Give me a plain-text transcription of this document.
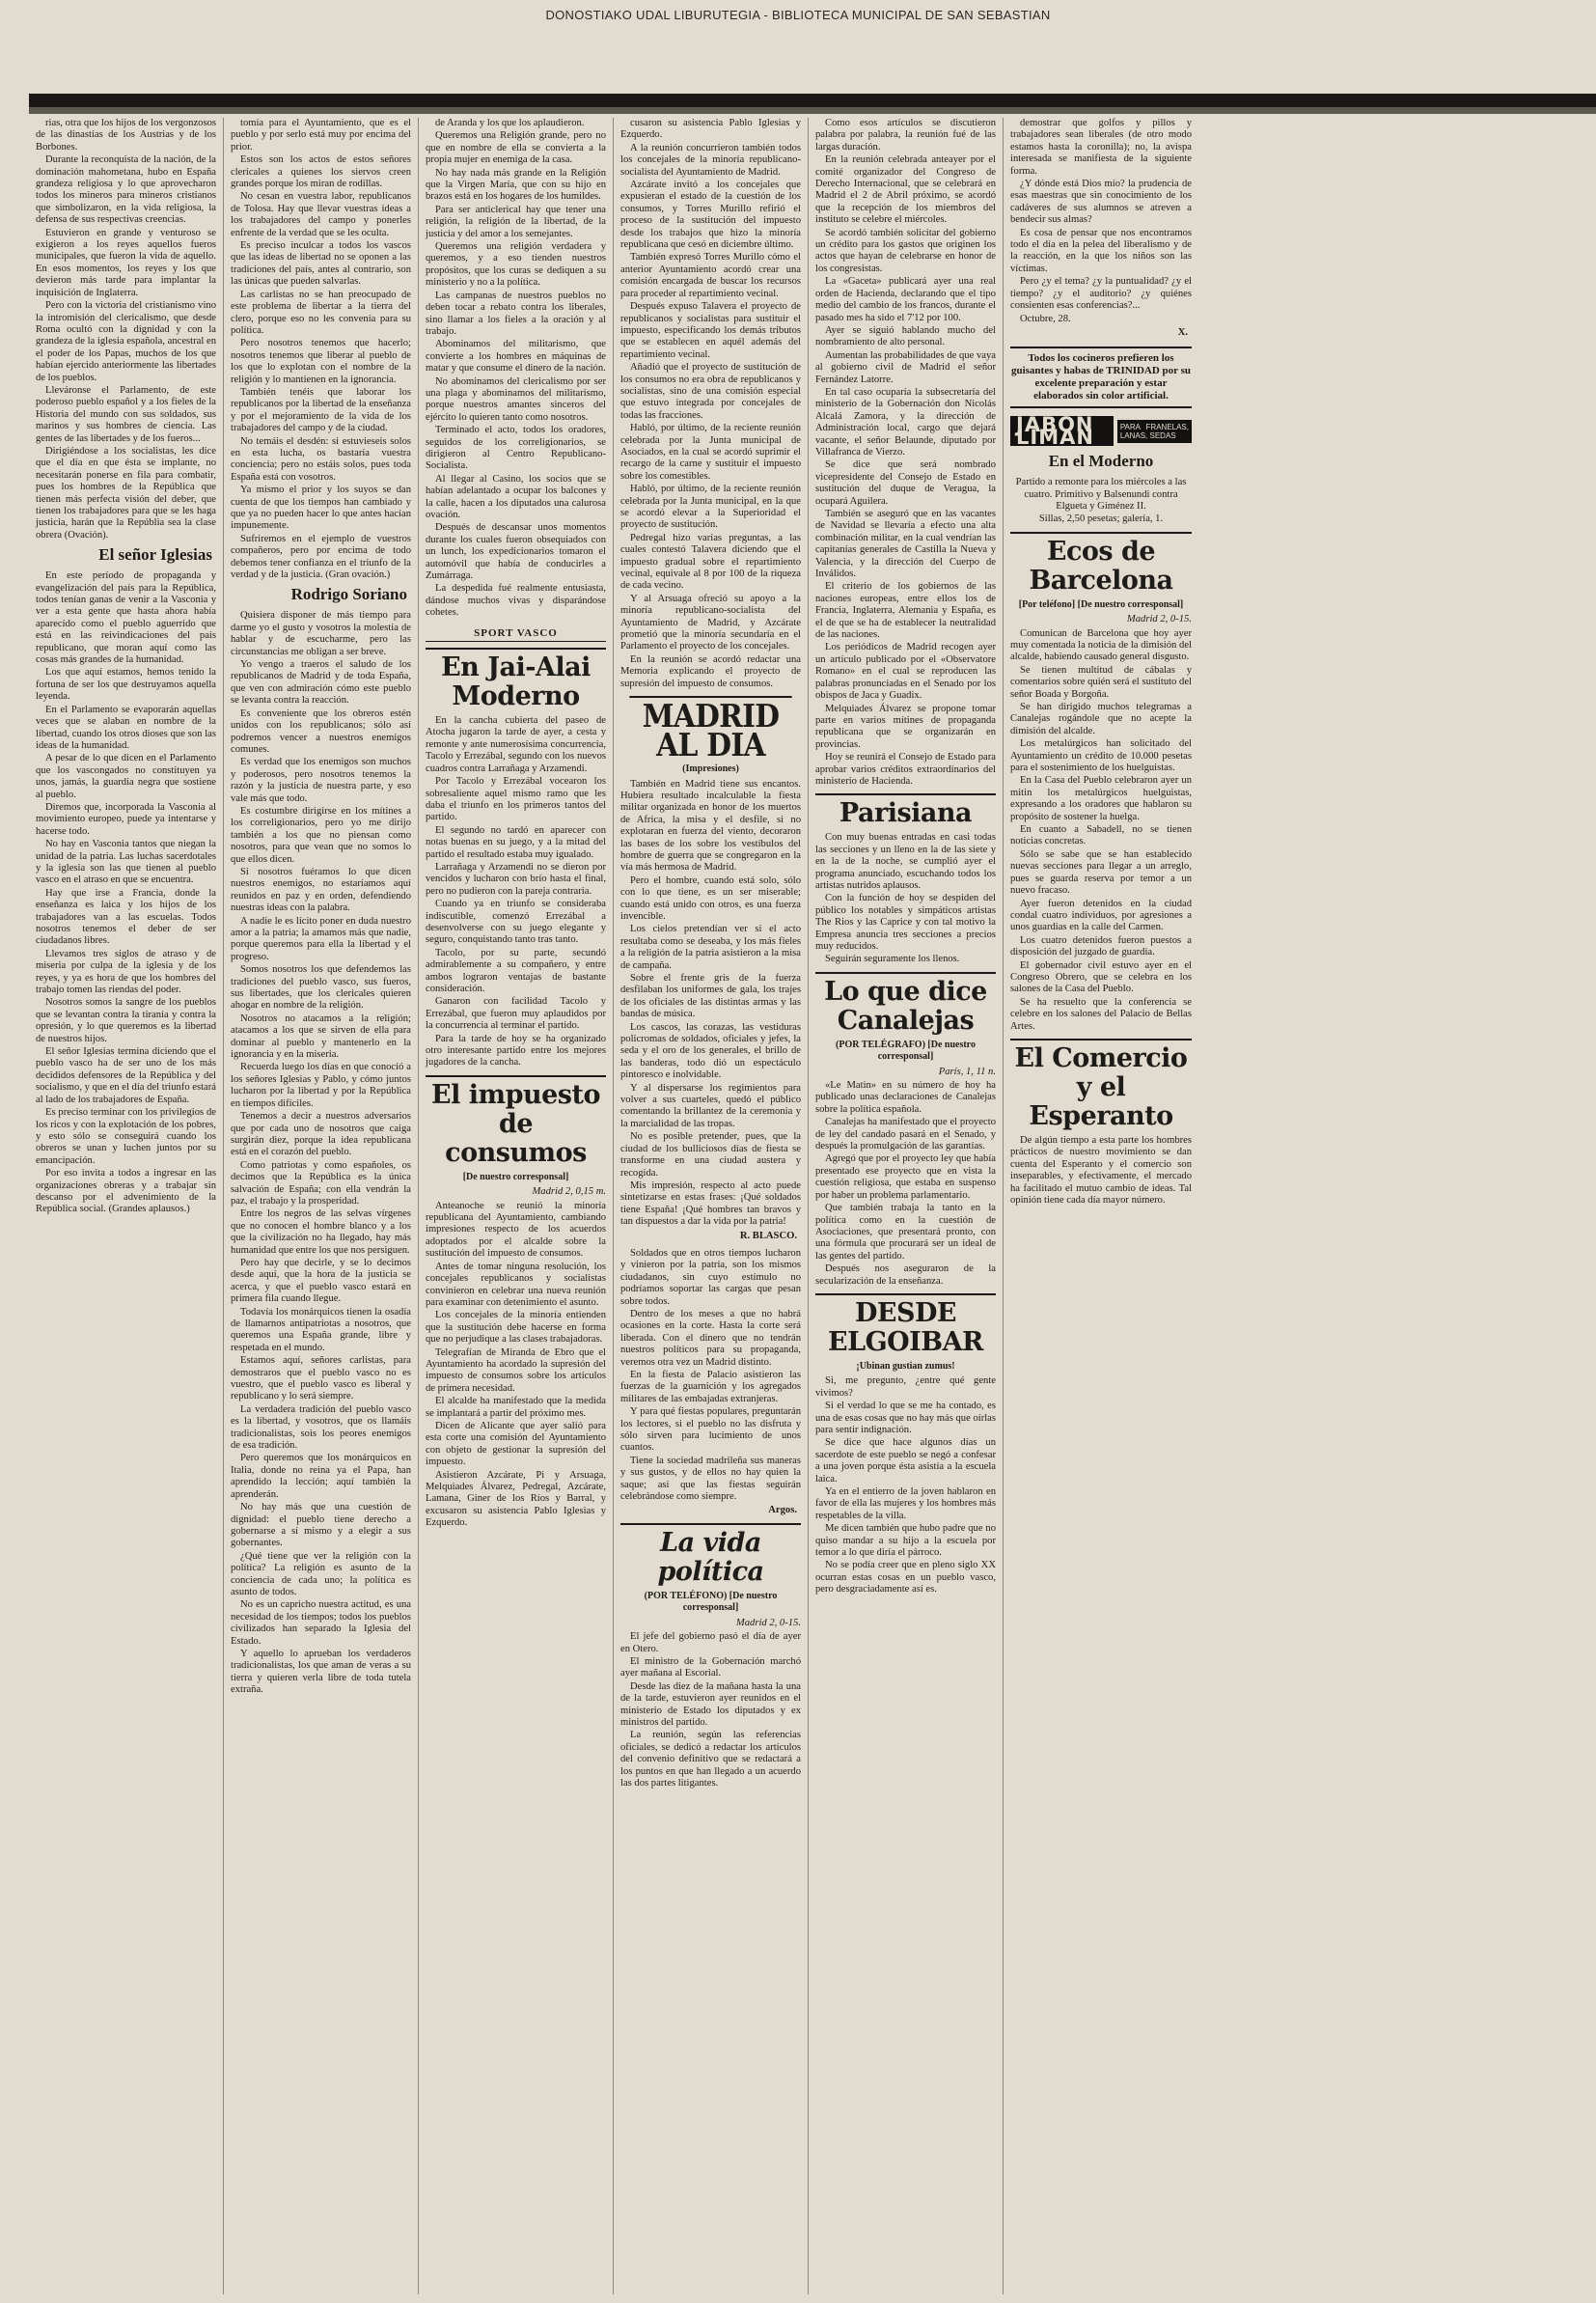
DONOSTIAKO UDAL LIBURUTEGIA - BIBLIOTECA MUNICIPAL DE SAN SEBASTIAN

rias, otra que los hijos de los vergonzosos de las dinastías de los Austrias y de los Borbones.

Durante la reconquista de la nación, de la dominación mahometana, hubo en España grandeza religiosa y lo que aprovecharon todos los mineros para mineros cristianos que simbolizaron, en la vida religiosa, la defensa de sus respectivas creencias.

Estuvieron en grande y venturoso se exigieron a los reyes aquellos fueros municipales, que fueron la vida de aquello. En esos momentos, los reyes y los que devieron más tarde para implantar la inquisición de Inglaterra.

Pero con la victoria del cristianismo vino la intromisión del clericalismo, que desde Roma ocultó con la dignidad y con la grandeza de la iglesia española, ancestral en el poder de los Papas, muchos de los que habían ejercido anteriormente las libertades de los pueblos.

Lleváronse el Parlamento, de este poderoso pueblo español y a los fieles de la Historia del mundo con sus soldados, sus marinos y sus hombres de ciencia. Las gentes de las libertades y de los fueros...

Dirigiéndose a los socialistas, les dice que el día en que ésta se implante, no necesitarán ponerse en fila para combatir, pues los hombres de la República que tienen más perfecta visión del deber, que tienen los trabajadores para que se les haga justicia, harán que la Repúblia sea la clase obrera (Ovación).

El señor Iglesias

En este período de propaganda y evangelización del país para la República, todos tenían ganas de venir a la Vasconia y ver a esta gente que hasta ahora había aparecido como el pueblo aguerrido que está en las reivindicaciones del país republicano, que moran aquí como las cosas más grandes de la humanidad.

Los que aquí estamos, hemos tenido la fortuna de ser los que destruyamos aquella leyenda.

En el Parlamento se evaporarán aquellas veces que se alaban en nombre de la libertad, cuando los otros dioses que son las ideas de la humanidad.

A pesar de lo que dicen en el Parlamento que los vascongados no constituyen ya unos, jamás, la guardia negra que sostiene al pueblo.

Diremos que, incorporada la Vasconia al movimiento europeo, puede ya intentarse y hacerse todo.

No hay en Vasconia tantos que niegan la unidad de la patria. Las luchas sacerdotales y la iglesia son las que tienen al pueblo vasco en el atraso en que se encuentra.

Hay que irse a Francia, donde la enseñanza es laica y los hijos de los trabajadores van a las escuelas. Todos nosotros tenemos el deber de ser ciudadanos libres.

Llevamos tres siglos de atraso y de miseria por culpa de la iglesia y de los reyes, y ya es hora de que los hombres del trabajo tomen las riendas del poder.

Nosotros somos la sangre de los pueblos que se levantan contra la tiranía y contra la opresión, y lo que queremos es la libertad de nuestros hijos.

El señor Iglesias termina diciendo que el pueblo vasco ha de ser uno de los más decididos defensores de la República y del socialismo, y que en el día del triunfo estará al lado de los trabajadores de España.

Es preciso terminar con los privilegios de los ricos y con la explotación de los pobres, y esto sólo se conseguirá cuando los obreros se unan y luchen juntos por su emancipación.

Por eso invita a todos a ingresar en las organizaciones obreras y a trabajar sin descanso por el advenimiento de la República social. (Grandes aplausos.)

tomía para el Ayuntamiento, que es el pueblo y por serlo está muy por encima del prior.

Estos son los actos de estos señores clericales a quienes los siervos creen grandes porque los miran de rodillas.

No cesan en vuestra labor, republicanos de Tolosa. Hay que llevar vuestras ideas a los trabajadores del campo y ponerles enfrente de la verdad que se les oculta.

Es preciso inculcar a todos los vascos que las ideas de libertad no se oponen a las tradiciones del país, antes al contrario, son las únicas que pueden salvarlas.

Las carlistas no se han preocupado de este problema de libertar a la tierra del clero, porque eso no les convenía para su política.

Pero nosotros tenemos que hacerlo; nosotros tenemos que liberar al pueblo de los que lo explotan con el nombre de la religión y lo mantienen en la ignorancia.

También tenéis que laborar los republicanos por la libertad de la enseñanza y por el mejoramiento de la vida de los trabajadores del campo y de la ciudad.

No temáis el desdén: si estuvieseis solos en esta lucha, os bastaría vuestra conciencia; pero no estáis solos, pues toda España está con vosotros.

Ya mismo el prior y los suyos se dan cuenta de que los tiempos han cambiado y que ya no pueden hacer lo que antes hacían impunemente.

Sufriremos en el ejemplo de vuestros compañeros, pero por encima de todo debemos tener confianza en el triunfo de la verdad y de la justicia. (Gran ovación.)

Rodrigo Soriano

Quisiera disponer de más tiempo para darme yo el gusto y vosotros la molestia de hablar y de escucharme, pero las circunstancias me obligan a ser breve.

Yo vengo a traeros el saludo de los republicanos de Madrid y de toda España, que ven con admiración cómo este pueblo se levanta contra la reacción.

Es conveniente que los obreros estén unidos con los republicanos; sólo así podremos vencer a nuestros enemigos comunes.

Es verdad que los enemigos son muchos y poderosos, pero nosotros tenemos la razón y la justicia de nuestra parte, y eso vale más que todo.

Es costumbre dirigirse en los mítines a los correligionarios, pero yo me dirijo también a los que no piensan como nosotros, para que vean que no somos lo que ellos dicen.

Si nosotros fuéramos lo que dicen nuestros enemigos, no estaríamos aquí reunidos en paz y en orden, defendiendo nuestras ideas con la palabra.

A nadie le es lícito poner en duda nuestro amor a la patria; la amamos más que nadie, porque queremos para ella la libertad y el progreso.

Somos nosotros los que defendemos las tradiciones del pueblo vasco, sus fueros, sus libertades, que los clericales quieren ahogar en nombre de la religión.

Nosotros no atacamos a la religión; atacamos a los que se sirven de ella para dominar al pueblo y mantenerlo en la ignorancia y en la miseria.

Recuerda luego los días en que conoció a los señores Iglesias y Pablo, y cómo juntos lucharon por la libertad y por la República en tiempos difíciles.

Tenemos a decir a nuestros adversarios que por cada uno de nosotros que caiga surgirán diez, porque la idea republicana está en el corazón del pueblo.

Como patriotas y como españoles, os decimos que la República es la única salvación de España; con ella vendrán la paz, el trabajo y la prosperidad.

Entre los negros de las selvas vírgenes que no conocen el hombre blanco y a los que la civilización no ha llegado, hay más humanidad que entre los que nos persiguen.

Pero hay que decirle, y se lo decimos desde aquí, que la hora de la justicia se acerca, y que el pueblo vasco estará en primera fila cuando llegue.

Todavía los monárquicos tienen la osadía de llamarnos antipatriotas a nosotros, que queremos una España grande, libre y respetada en el mundo.

Estamos aquí, señores carlistas, para demostraros que el pueblo vasco no es vuestro, que el pueblo vasco es liberal y republicano y lo será siempre.

La verdadera tradición del pueblo vasco es la libertad, y vosotros, que os llamáis tradicionalistas, sois los peores enemigos de esa tradición.

Pero queremos que los monárquicos en Italia, donde no reina ya el Papa, han aprendido la lección; aquí también la aprenderán.

No hay más que una cuestión de dignidad: el pueblo tiene derecho a gobernarse a sí mismo y a elegir a sus gobernantes.

¿Qué tiene que ver la religión con la política? La religión es asunto de la conciencia de cada uno; la política es asunto de todos.

No es un capricho nuestra actitud, es una necesidad de los tiempos; todos los pueblos civilizados han separado la Iglesia del Estado.

Y aquello lo aprueban los verdaderos tradicionalistas, los que aman de veras a su tierra y quieren verla libre de toda tutela extraña.

de Aranda y los que los aplaudieron.

Queremos una Religión grande, pero no que en nombre de ella se convierta a la propia mujer en enemiga de la casa.

No hay nada más grande en la Religión que la Virgen María, que con su hijo en brazos está en los hogares de los humildes.

Para ser anticlerical hay que tener una religión, la religión de la libertad, de la justicia y del amor a los semejantes.

Queremos una religión verdadera y queremos, y a eso tienden nuestros propósitos, que los curas se dediquen a su ministerio y no a la política.

Las campanas de nuestros pueblos no deben tocar a rebato contra los liberales, sino llamar a los fieles a la oración y al trabajo.

Abominamos del militarismo, que convierte a los hombres en máquinas de matar y que consume el dinero de la nación.

No abominamos del clericalismo por ser una plaga y abominamos del militarismo, porque nuestros amantes sinceros del ejército lo quieren tanto como nosotros.

Terminado el acto, todos los oradores, seguidos de los correligionarios, se dirigieron al Centro Republicano-Socialista.

Al llegar al Casino, los socios que se habían adelantado a ocupar los balcones y la calle, hacen a los diputados una calurosa ovación.

Después de descansar unos momentos durante los cuales fueron obsequiados con un lunch, los expedicionarios tomaron el automóvil que había de conducirles a Zumárraga.

La despedida fué realmente entusiasta, dándose muchos vivas y disparándose cohetes.

SPORT VASCO
En Jai-Alai Moderno

En la cancha cubierta del paseo de Atocha jugaron la tarde de ayer, a cesta y remonte y ante numerosísima concurrencia, Tacolo y Errezábal, segundo con los nuevos cuadros contra Larrañaga y Arzamendi.

Por Tacolo y Errezábal vocearon los sobresaliente aquel mismo ramo que les daba el triunfo en los primeros tantos del partido.

El segundo no tardó en aparecer con notas buenas en su juego, y a la mitad del partido el resultado estaba muy igualado.

Larrañaga y Arzamendi no se dieron por vencidos y lucharon con brío hasta el final, pero no pudieron con la pareja contraria.

Cuando ya en triunfo se consideraba indiscutible, comenzó Errezábal a desenvolverse con su juego elegante y seguro, conquistando tanto tras tanto.

Tacolo, por su parte, secundó admirablemente a su compañero, y entre ambos lograron ventajas de bastante consideración.

Ganaron con facilidad Tacolo y Errezábal, que fueron muy aplaudidos por la concurrencia al terminar el partido.

Para la tarde de hoy se ha organizado otro interesante partido entre los mejores jugadores de la cancha.

El impuesto de consumos
[De nuestro corresponsal]
Madrid 2, 0,15 m.

Anteanoche se reunió la minoría republicana del Ayuntamiento, cambiando impresiones respecto de los acuerdos adoptados por el alcalde sobre la sustitución del impuesto de consumos.

Antes de tomar ninguna resolución, los concejales republicanos y socialistas convinieron en celebrar una nueva reunión para examinar con detenimiento el asunto.

Los concejales de la minoría entienden que la sustitución debe hacerse en forma que no perjudique a las clases trabajadoras.

Telegrafían de Miranda de Ebro que el Ayuntamiento ha acordado la supresión del impuesto de consumos sobre los artículos de primera necesidad.

El alcalde ha manifestado que la medida se implantará a partir del próximo mes.

Dicen de Alicante que ayer salió para esta corte una comisión del Ayuntamiento con objeto de gestionar la supresión del impuesto.

Asistieron Azcárate, Pi y Arsuaga, Melquiades Álvarez, Pedregal, Azcárate, Lamana, Giner de los Ríos y Barral, y excusaron su asistencia Pablo Iglesias y Ezquerdo.

cusaron su asistencia Pablo Iglesias y Ezquerdo.

A la reunión concurrieron también todos los concejales de la minoría republicano-socialista del Ayuntamiento de Madrid.

Azcárate invitó a los concejales que expusieran el estado de la cuestión de los consumos, y Torres Murillo refirió el proceso de la sustitución del impuesto desde los trabajos que hizo la minoría republicana que cesó en diciembre último.

También expresó Torres Murillo cómo el anterior Ayuntamiento acordó crear una comisión encargada de buscar los recursos para proceder al repartimiento vecinal.

Después expuso Talavera el proyecto de republicanos y socialistas para sustituir el impuesto, especificando los demás tributos que se establecen en aquél además del repartimiento vecinal.

Añadió que el proyecto de sustitución de los consumos no era obra de republicanos y socialistas, sino de una comisión especial que estuvo integrada por concejales de todas las fracciones.

Habló, por último, de la reciente reunión celebrada por la Junta municipal de Asociados, en la cual se acordó suprimir el recargo de la carne y sustituir el impuesto sobre los comestibles.

Habló, por último, de la reciente reunión celebrada por la Junta municipal, en la que se acordó elevar a la Superioridad el proyecto de sustitución.

Pedregal hizo varias preguntas, a las cuales contestó Talavera diciendo que el impuesto gradual sobre el repartimiento vecinal, equivale al 8 por 100 de la riqueza de cada vecino.

Y al Arsuaga ofreció su apoyo a la minoría republicano-socialista del Ayuntamiento de Madrid, y Azcárate prometió que la minoría secundaría en el Parlamento el proyecto de los concejales.

En la reunión se acordó redactar una Memoria explicando el proyecto de supresión del impuesto de consumos.

MADRID AL DIA
(Impresiones)

También en Madrid tiene sus encantos. Hubiera resultado incalculable la fiesta militar organizada en honor de los muertos de Africa, la misa y el desfile, si no explotaran en fuerza del viento, decoraron las bases de los sobre los vestíbulos del hombre de guerra que se congregaron en la vía más hermosa de Madrid.

Pero el hombre, cuando está solo, sólo con lo que tiene, es un ser miserable; cuando está unido con otros, es una fuerza invencible.

Los cielos pretendían ver si el acto resultaba como se deseaba, y los más fieles a la religión de la patria asistieron a la misa de campaña.

Sobre el frente gris de la fuerza desfilaban los uniformes de gala, los trajes de los oficiales de las distintas armas y las bandas de música.

Los cascos, las corazas, las vestiduras policromas de soldados, oficiales y jefes, la seda y el oro de los generales, el brillo de las banderas, todo dió un espectáculo pintoresco e inolvidable.

Y al dispersarse los regimientos para volver a sus cuarteles, quedó el público comentando la brillantez de la ceremonia y la marcialidad de las tropas.

No es posible pretender, pues, que la ciudad de los bulliciosos días de fiesta se transforme en una ciudad austera y recogida.

Mis impresión, respecto al acto puede sintetizarse en estas frases: ¡Qué soldados tiene España! ¡Qué hombres tan bravos y tan dispuestos a dar la vida por la patria!

R. BLASCO.

Soldados que en otros tiempos lucharon y vinieron por la patria, son los mismos ciudadanos, sin cuyo estímulo no podríamos soportar las cargas que pesan sobre todos.

Dentro de los meses a que no habrá ocasiones en la corte. Hasta la corte será liberada. Con el dinero que no tendrán nuestros políticos para su propaganda, veremos otra vez un Madrid distinto.

En la fiesta de Palacio asistieron las fuerzas de la guarnición y los agregados militares de las embajadas extranjeras.

Y para qué fiestas populares, preguntarán los lectores, si el pueblo no las disfruta y sólo sirven para lucimiento de unos cuantos.

Tiene la sociedad madrileña sus maneras y sus gustos, y de ellos no hay quien la saque; así que las fiestas seguirán celebrándose como siempre.

Argos.
La vida política
(POR TELÉFONO) [De nuestro corresponsal]
Madrid 2, 0-15.

El jefe del gobierno pasó el día de ayer en Otero.

El ministro de la Gobernación marchó ayer mañana al Escorial.

Desde las diez de la mañana hasta la una de la tarde, estuvieron ayer reunidos en el ministerio de Estado los diputados y ex ministros del partido.

La reunión, según las referencias oficiales, se dedicó a redactar los artículos del convenio definitivo que se redactará a los puntos en que han llegado a un acuerdo las dos partes litigantes.

Como esos artículos se discutieron palabra por palabra, la reunión fué de las largas duración.

En la reunión celebrada anteayer por el comité organizador del Congreso de Derecho Internacional, que se celebrará en Madrid el 2 de Abril próximo, se acordó que la recepción de los miembros del instituto se celebre el miércoles.

Se acordó también solicitar del gobierno un crédito para los gastos que originen los actos que hayan de celebrarse en honor de los congresistas.

La «Gaceta» publicará ayer una real orden de Hacienda, declarando que el tipo medio del cambio de los francos, durante el pasado mes ha sido el 7'12 por 100.

Ayer se siguió hablando mucho del nombramiento de alto personal.

Aumentan las probabilidades de que vaya al gobierno civil de Madrid el señor Fernández Latorre.

En tal caso ocuparía la subsecretaría del ministerio de la Gobernación don Nicolás Alcalá Zamora, y la dirección de Administración local, cargo que dejará vacante, el señor Belaunde, diputado por Villafranca de Vierzo.

Se dice que será nombrado vicepresidente del Consejo de Estado en sustitución del duque de Veragua, la ocupará Aguilera.

También se aseguró que en las vacantes de Navidad se llevaría a efecto una alta combinación militar, en la cual vendrían las capitanías generales de Castilla la Nueva y Valencia, y la dirección del Cuerpo de Inválidos.

El criterio de los gobiernos de las naciones europeas, entre ellos los de Francia, Inglaterra, Alemania y España, es el de que se ha de establecer la neutralidad de las naciones.

Los periódicos de Madrid recogen ayer un artículo publicado por el «Observatore Romano» en el cual se reproducen las palabras pronunciadas en el Senado por los obispos de Jaca y Guadix.

Melquiades Álvarez se propone tomar parte en varios mítines de propaganda republicana que se organizarán en provincias.

Hoy se reunirá el Consejo de Estado para aprobar varios créditos extraordinarios del ministerio de Hacienda.

Parisiana

Con muy buenas entradas en casi todas las secciones y un lleno en la de las siete y en la de la noche, se cumplió ayer el programa anunciado, escuchando todos los artistas nutridos aplausos.

Con la función de hoy se despiden del público los notables y simpáticos artistas The Rios y las Caprice y con tal motivo la Empresa anuncia tres secciones a precios muy reducidos.

Seguirán seguramente los llenos.

Lo que dice Canalejas
(POR TELÉGRAFO) [De nuestro corresponsal]
París, 1, 11 n.

«Le Matin» en su número de hoy ha publicado unas declaraciones de Canalejas sobre la política española.

Canalejas ha manifestado que el proyecto de ley del candado pasará en el Senado, y después la promulgación de las garantías.

Agregó que por el proyecto ley que había presentado ese proyecto que en vista la cuestión religiosa, que estaba en suspenso por haber un problema parlamentario.

Que también trabaja la tanto en la política como en la cuestión de Asociaciones, que presentará pronto, con una fórmula que procurará ser un ideal de las gentes del partido.

Después nos aseguraron de la secularización de la enseñanza.

DESDE ELGOIBAR
¡Ubinan gustian zumus!

Si, me pregunto, ¿entre qué gente vivimos?

Si el verdad lo que se me ha contado, es una de esas cosas que no hay más que oírlas para sentir indignación.

Se dice que hace algunos días un sacerdote de este pueblo se negó a confesar a una joven porque ésta asistía a la escuela laica.

Ya en el entierro de la joven hablaron en favor de ella las mujeres y los hombres más respetables de la villa.

Me dicen también que hubo padre que no quiso mandar a su hijo a la escuela por temor a lo que diría el párroco.

No se podía creer que en pleno siglo XX ocurran estas cosas en un pueblo vasco, pero desgraciadamente así es.

demostrar que golfos y pillos y trabajadores sean liberales (de otro modo estamos hasta la coronilla); no, la avispa interesada se manifiesta de la siguiente forma.

¿Y dónde está Dios mío? la prudencia de esas maestras que sin conocimiento de los cadáveres de sus alumnos se atreven a bendecir sus almas?

Es cosa de pensar que nos encontramos todo el día en la pelea del liberalismo y de la reacción, en la que los niños son las víctimas.

Pero ¿y el tema? ¿y la puntualidad? ¿y el tiempo? ¿y el auditorio? ¿y quiénes consienten esas conferencias?...

Octubre, 28.

X.
Todos los cocineros prefieren los guisantes y habas de TRINIDAD por su excelente preparación y estar elaborados sin color artificial.
JABON LIMAN	PARA FRANELAS, LANAS, SEDAS
En el Moderno

Partido a remonte para los miércoles a las cuatro. Primitivo y Balsenundi contra Elgueta y Giménez II.

Sillas, 2,50 pesetas; galería, 1.

Ecos de Barcelona
[Por teléfono] [De nuestro corresponsal]
Madrid 2, 0-15.

Comunican de Barcelona que hoy ayer muy comentada la noticia de la dimisión del alcalde, habiendo causado general disgusto.

Se tienen multitud de cábalas y comentarios sobre quién será el sustituto del señor Boada y Borgoña.

Se han dirigido muchos telegramas a Canalejas rogándole que no acepte la dimisión del alcalde.

Los metalúrgicos han solicitado del Ayuntamiento un crédito de 10.000 pesetas para el sostenimiento de los huelguistas.

En la Casa del Pueblo celebraron ayer un mitin los metalúrgicos huelguistas, expresando a los oradores que hablaron su propósito de sostener la huelga.

En cuanto a Sabadell, no se tienen noticias concretas.

Sólo se sabe que se han establecido nuevas secciones para llegar a un arreglo, pues se guarda reserva por temor a un nuevo fracaso.

Ayer fueron detenidos en la ciudad condal cuatro individuos, por agresiones a unos guardias en la calle del Carmen.

Los cuatro detenidos fueron puestos a disposición del juzgado de guardia.

El gobernador civil estuvo ayer en el Congreso Obrero, que se celebra en los salones de la Casa del Pueblo.

Se ha resuelto que la conferencia se celebre en los salones del Palacio de Bellas Artes.

El Comercio y el Esperanto

De algún tiempo a esta parte los hombres prácticos de nuestro movimiento se dan cuenta del Esperanto y el comercio son inseparables, y efectivamente, el mercado ha facilitado el mutuo cambio de ideas. Tal opinión tiene cada día mayor número.
